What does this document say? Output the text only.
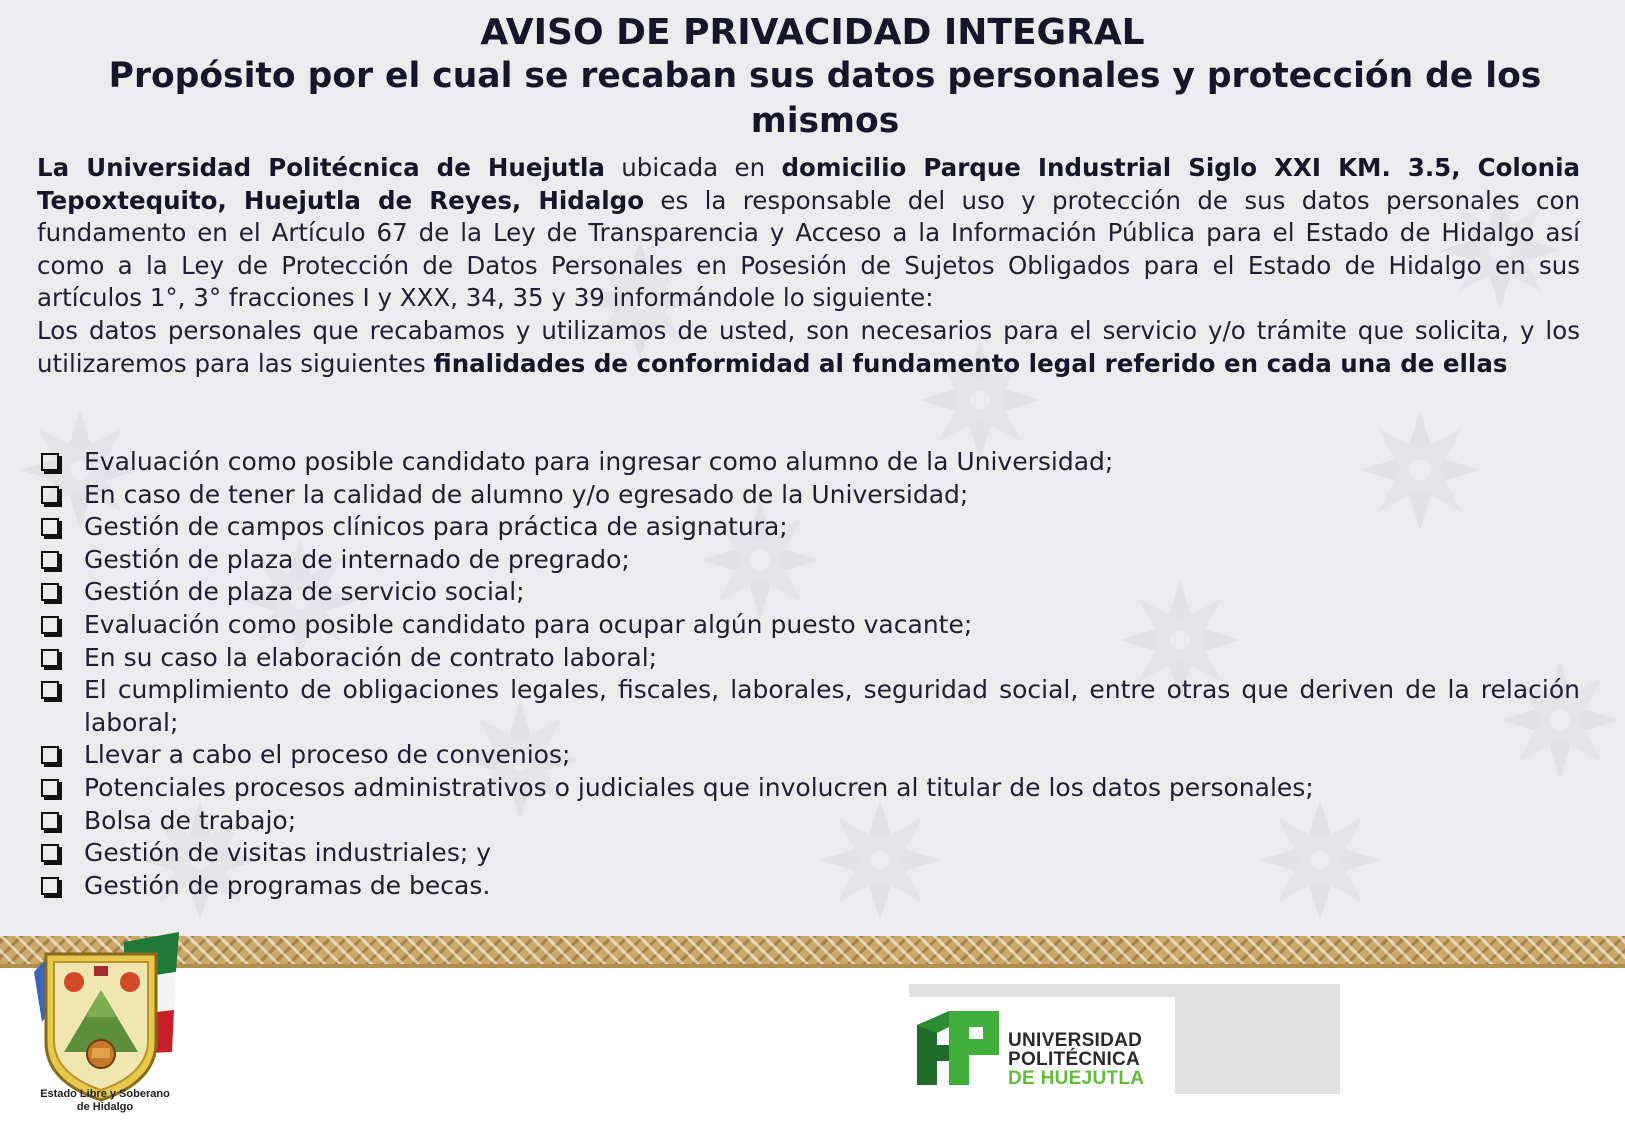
AVISO DE PRIVACIDAD INTEGRAL
Propósito por el cual se recaban sus datos personales y protección de los mismos

La Universidad Politécnica de Huejutla ubicada en domicilio Parque Industrial Siglo XXI KM. 3.5, Colonia Tepoxtequito, Huejutla de Reyes, Hidalgo es la responsable del uso y protección de sus datos personales con fundamento en el Artículo 67 de la Ley de Transparencia y Acceso a la Información Pública para el Estado de Hidalgo así como a la Ley de Protección de Datos Personales en Posesión de Sujetos Obligados para el Estado de Hidalgo en sus artículos 1°, 3° fracciones I y XXX, 34, 35 y 39 informándole lo siguiente:
Los datos personales que recabamos y utilizamos de usted, son necesarios para el servicio y/o trámite que solicita, y los utilizaremos para las siguientes finalidades de conformidad al fundamento legal referido en cada una de ellas

Evaluación como posible candidato para ingresar como alumno de la Universidad;
En caso de tener la calidad de alumno y/o egresado de la Universidad;
Gestión de campos clínicos para práctica de asignatura;
Gestión de plaza de internado de pregrado;
Gestión de plaza de servicio social;
Evaluación como posible candidato para ocupar algún puesto vacante;
En su caso la elaboración de contrato laboral;
El cumplimiento de obligaciones legales, fiscales, laborales, seguridad social, entre otras que deriven de la relación laboral;
Llevar a cabo el proceso de convenios;
Potenciales procesos administrativos o judiciales que involucren al titular de los datos personales;
Bolsa de trabajo;
Gestión de visitas industriales; y
Gestión de programas de becas.
Estado Libre y Soberano
de Hidalgo
UNIVERSIDAD
POLITÉCNICA
DE HUEJUTLA
